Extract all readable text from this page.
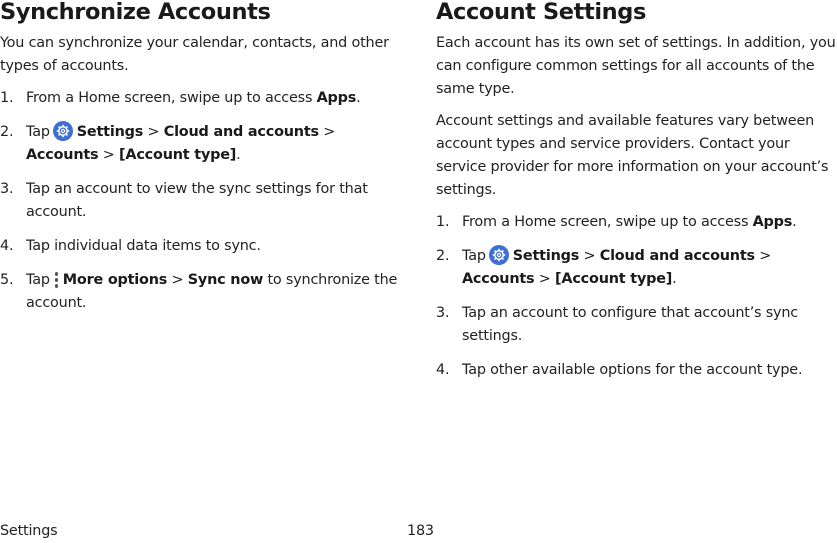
Synchronize Accounts

You can synchronize your calendar, contacts, and other types of accounts.

1. From a Home screen, swipe up to access Apps.
2. Tap Settings > Cloud and accounts > Accounts > [Account type].
3. Tap an account to view the sync settings for that account.
4. Tap individual data items to sync.
5. Tap More options > Sync now to synchronize the account.
Account Settings

Each account has its own set of settings. In addition, you can configure common settings for all accounts of the same type.

Account settings and available features vary between account types and service providers. Contact your service provider for more information on your account’s settings.

1. From a Home screen, swipe up to access Apps.
2. Tap Settings > Cloud and accounts > Accounts > [Account type].
3. Tap an account to configure that account’s sync settings.
4. Tap other available options for the account type.
Settings	183
